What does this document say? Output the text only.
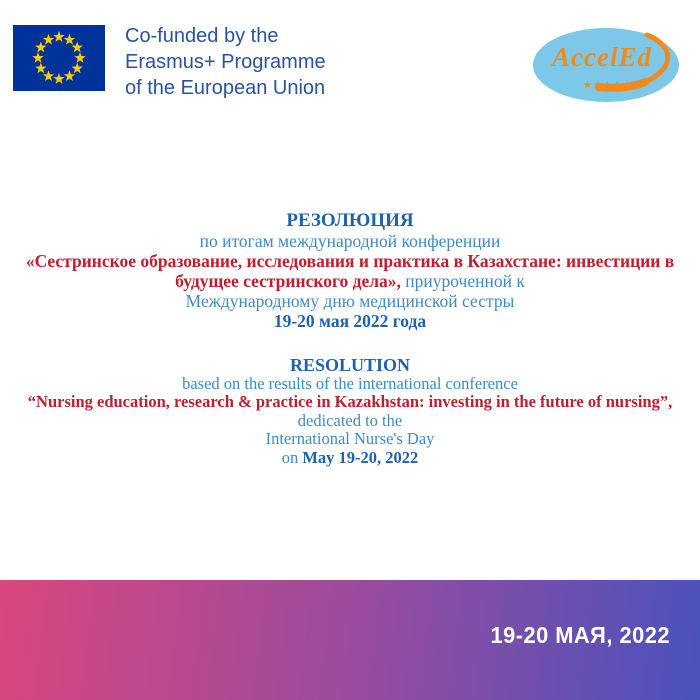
Co-funded by the
Erasmus+ Programme
of the European Union
AccelEd
★★★★★
РЕЗОЛЮЦИЯ
по итогам международной конференции
«Сестринское образование, исследования и практика в Казахстане: инвестиции в будущее сестринского дела», приуроченной к
Международному дню медицинской сестры
19-20 мая 2022 года
RESOLUTION
based on the results of the international conference
“Nursing education, research & practice in Kazakhstan: investing in the future of nursing”,
dedicated to the
International Nurse's Day
on May 19-20, 2022
19-20 МАЯ, 2022
